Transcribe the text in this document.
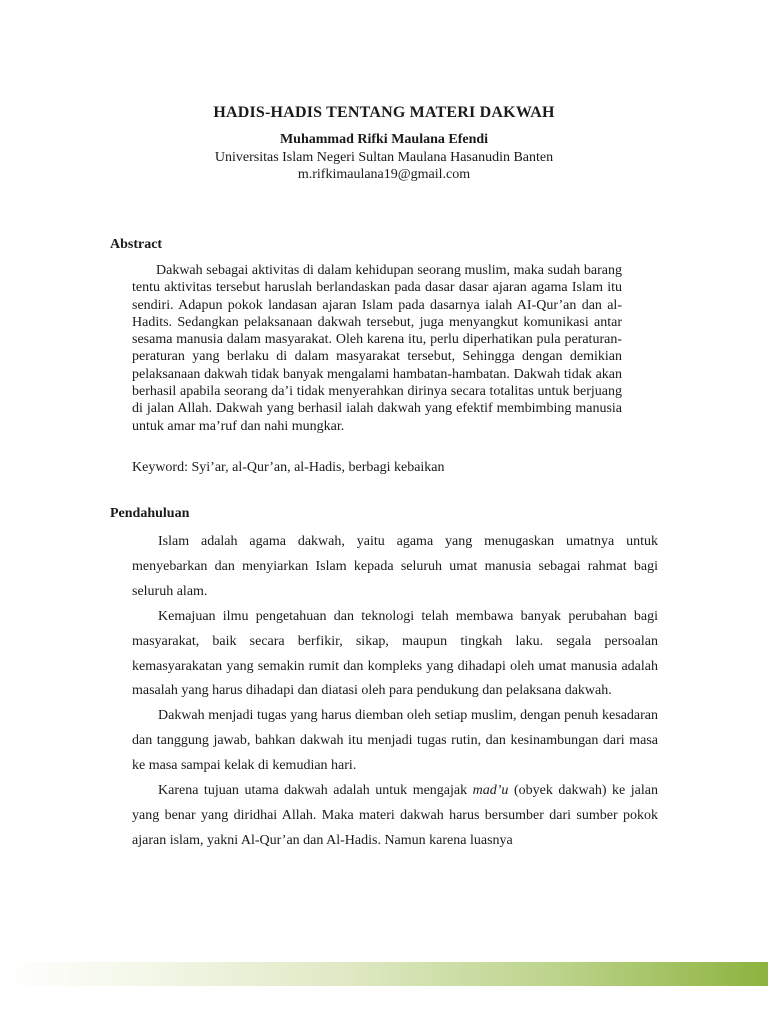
HADIS-HADIS TENTANG MATERI DAKWAH
Muhammad Rifki Maulana Efendi
Universitas Islam Negeri Sultan Maulana Hasanudin Banten
m.rifkimaulana19@gmail.com
Abstract

Dakwah sebagai aktivitas di dalam kehidupan seorang muslim, maka sudah barang tentu aktivitas tersebut haruslah berlandaskan pada dasar dasar ajaran agama Islam itu sendiri. Adapun pokok landasan ajaran Islam pada dasarnya ialah AI-Qur’an dan al-Hadits. Sedangkan pelaksanaan dakwah tersebut, juga menyangkut komunikasi antar sesama manusia dalam masyarakat. Oleh karena itu, perlu diperhatikan pula peraturan-peraturan yang berlaku di dalam masyarakat tersebut, Sehingga dengan demikian pelaksanaan dakwah tidak banyak mengalami hambatan-hambatan. Dakwah tidak akan berhasil apabila seorang da’i tidak menyerahkan dirinya secara totalitas untuk berjuang di jalan Allah. Dakwah yang berhasil ialah dakwah yang efektif membimbing manusia untuk amar ma’ruf dan nahi mungkar.

Keyword: Syi’ar, al-Qur’an, al-Hadis, berbagi kebaikan

Pendahuluan

Islam adalah agama dakwah, yaitu agama yang menugaskan umatnya untuk menyebarkan dan menyiarkan Islam kepada seluruh umat manusia sebagai rahmat bagi seluruh alam.

Kemajuan ilmu pengetahuan dan teknologi telah membawa banyak perubahan bagi masyarakat, baik secara berfikir, sikap, maupun tingkah laku. segala persoalan kemasyarakatan yang semakin rumit dan kompleks yang dihadapi oleh umat manusia adalah masalah yang harus dihadapi dan diatasi oleh para pendukung dan pelaksana dakwah.

Dakwah menjadi tugas yang harus diemban oleh setiap muslim, dengan penuh kesadaran dan tanggung jawab, bahkan dakwah itu menjadi tugas rutin, dan kesinambungan dari masa ke masa sampai kelak di kemudian hari.

Karena tujuan utama dakwah adalah untuk mengajak mad’u (obyek dakwah) ke jalan yang benar yang diridhai Allah. Maka materi dakwah harus bersumber dari sumber pokok ajaran islam, yakni Al-Qur’an dan Al-Hadis. Namun karena luasnya
